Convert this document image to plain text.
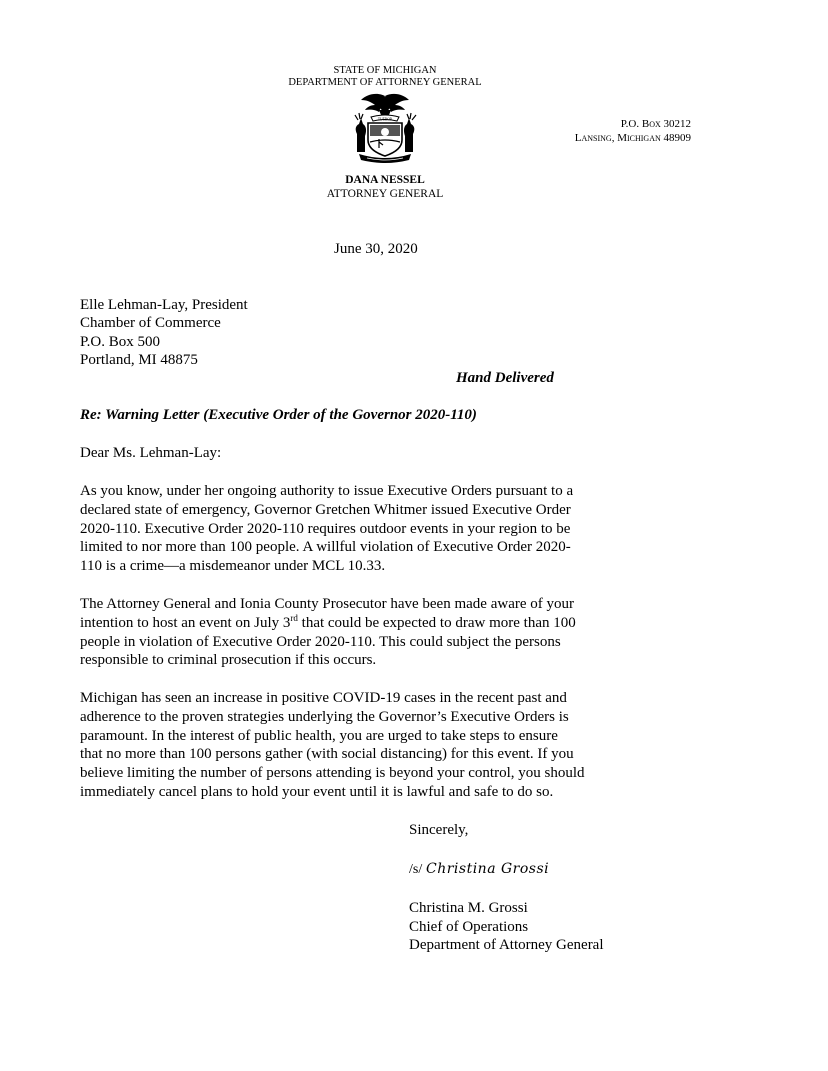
STATE OF MICHIGAN
DEPARTMENT OF ATTORNEY GENERAL
TUEBOR	P.O. Box 30212
Lansing, Michigan 48909
DANA NESSEL
ATTORNEY GENERAL
June 30, 2020
Elle Lehman-Lay, President
Chamber of Commerce
P.O. Box 500
Portland, MI 48875
Hand Delivered
Re: Warning Letter (Executive Order of the Governor 2020-110)
Dear Ms. Lehman-Lay:
As you know, under her ongoing authority to issue Executive Orders pursuant to a
declared state of emergency, Governor Gretchen Whitmer issued Executive Order
2020-110. Executive Order 2020-110 requires outdoor events in your region to be
limited to nor more than 100 people. A willful violation of Executive Order 2020-
110 is a crime—a misdemeanor under MCL 10.33.
The Attorney General and Ionia County Prosecutor have been made aware of your
intention to host an event on July 3rd that could be expected to draw more than 100
people in violation of Executive Order 2020-110. This could subject the persons
responsible to criminal prosecution if this occurs.
Michigan has seen an increase in positive COVID-19 cases in the recent past and
adherence to the proven strategies underlying the Governor’s Executive Orders is
paramount. In the interest of public health, you are urged to take steps to ensure
that no more than 100 persons gather (with social distancing) for this event. If you
believe limiting the number of persons attending is beyond your control, you should
immediately cancel plans to hold your event until it is lawful and safe to do so.
Sincerely,
/s/ Christina Grossi
Christina M. Grossi
Chief of Operations
Department of Attorney General
